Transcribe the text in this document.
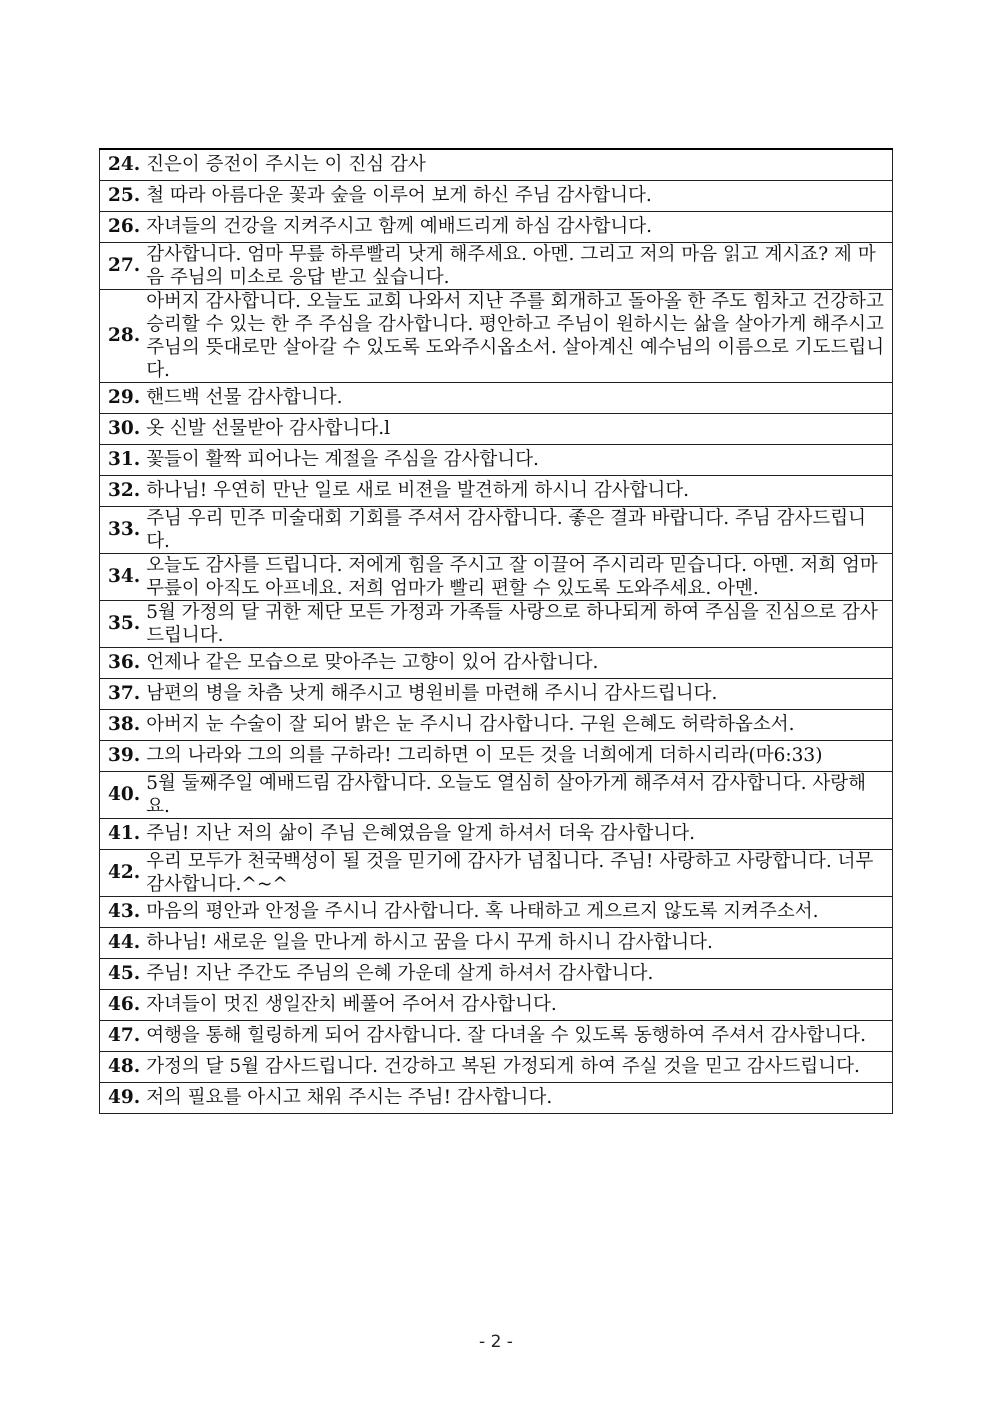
24. 진은이 증전이 주시는 이 진심 감사

25. 철 따라 아름다운 꽃과 숲을 이루어 보게 하신 주님 감사합니다.

26. 자녀들의 건강을 지켜주시고 함께 예배드리게 하심 감사합니다.

27.
감사합니다. 엄마 무릎 하루빨리 낫게 해주세요. 아멘. 그리고 저의 마음 읽고 계시죠? 제 마음 주님의 미소로 응답 받고 싶습니다.

28.
아버지 감사합니다. 오늘도 교회 나와서 지난 주를 회개하고 돌아올 한 주도 힘차고 건강하고 승리할 수 있는 한 주 주심을 감사합니다. 평안하고 주님이 원하시는 삶을 살아가게 해주시고 주님의 뜻대로만 살아갈 수 있도록 도와주시옵소서. 살아계신 예수님의 이름으로 기도드립니다.

29. 핸드백 선물 감사합니다.

30. 옷 신발 선물받아 감사합니다.l

31. 꽃들이 활짝 피어나는 계절을 주심을 감사합니다.

32. 하나님! 우연히 만난 일로 새로 비젼을 발견하게 하시니 감사합니다.

33.
주님 우리 민주 미술대회 기회를 주셔서 감사합니다. 좋은 결과 바랍니다. 주님 감사드립니다.

34.
오늘도 감사를 드립니다. 저에게 힘을 주시고 잘 이끌어 주시리라 믿습니다. 아멘. 저희 엄마 무릎이 아직도 아프네요. 저희 엄마가 빨리 편할 수 있도록 도와주세요. 아멘.

35.
5월 가정의 달 귀한 제단 모든 가정과 가족들 사랑으로 하나되게 하여 주심을 진심으로 감사드립니다.

36. 언제나 같은 모습으로 맞아주는 고향이 있어 감사합니다.

37. 남편의 병을 차츰 낫게 해주시고 병원비를 마련해 주시니 감사드립니다.

38. 아버지 눈 수술이 잘 되어 밝은 눈 주시니 감사합니다. 구원 은혜도 허락하옵소서.

39. 그의 나라와 그의 의를 구하라! 그리하면 이 모든 것을 너희에게 더하시리라(마6:33)

40.
5월 둘째주일 예배드림 감사합니다. 오늘도 열심히 살아가게 해주셔서 감사합니다. 사랑해요.

41. 주님! 지난 저의 삶이 주님 은혜였음을 알게 하셔서 더욱 감사합니다.

42.
우리 모두가 천국백성이 될 것을 믿기에 감사가 넘칩니다. 주님! 사랑하고 사랑합니다. 너무 감사합니다.^~^

43. 마음의 평안과 안정을 주시니 감사합니다. 혹 나태하고 게으르지 않도록 지켜주소서.

44. 하나님! 새로운 일을 만나게 하시고 꿈을 다시 꾸게 하시니 감사합니다.

45. 주님! 지난 주간도 주님의 은혜 가운데 살게 하셔서 감사합니다.

46. 자녀들이 멋진 생일잔치 베풀어 주어서 감사합니다.

47. 여행을 통해 힐링하게 되어 감사합니다. 잘 다녀올 수 있도록 동행하여 주셔서 감사합니다.

48. 가정의 달 5월 감사드립니다. 건강하고 복된 가정되게 하여 주실 것을 믿고 감사드립니다.

49. 저의 필요를 아시고 채워 주시는 주님! 감사합니다.
- 2 -
